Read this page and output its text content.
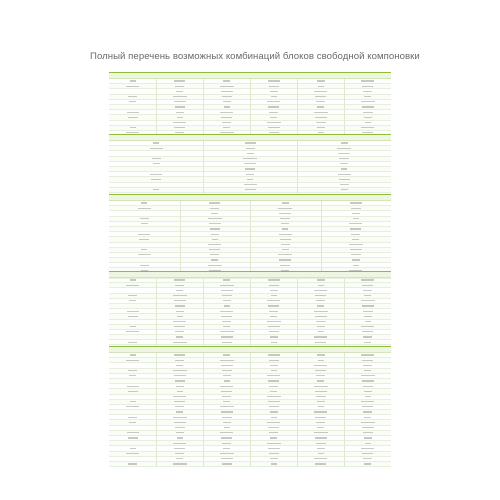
Полный перечень возможных комбинаций блоков свободной компоновки
